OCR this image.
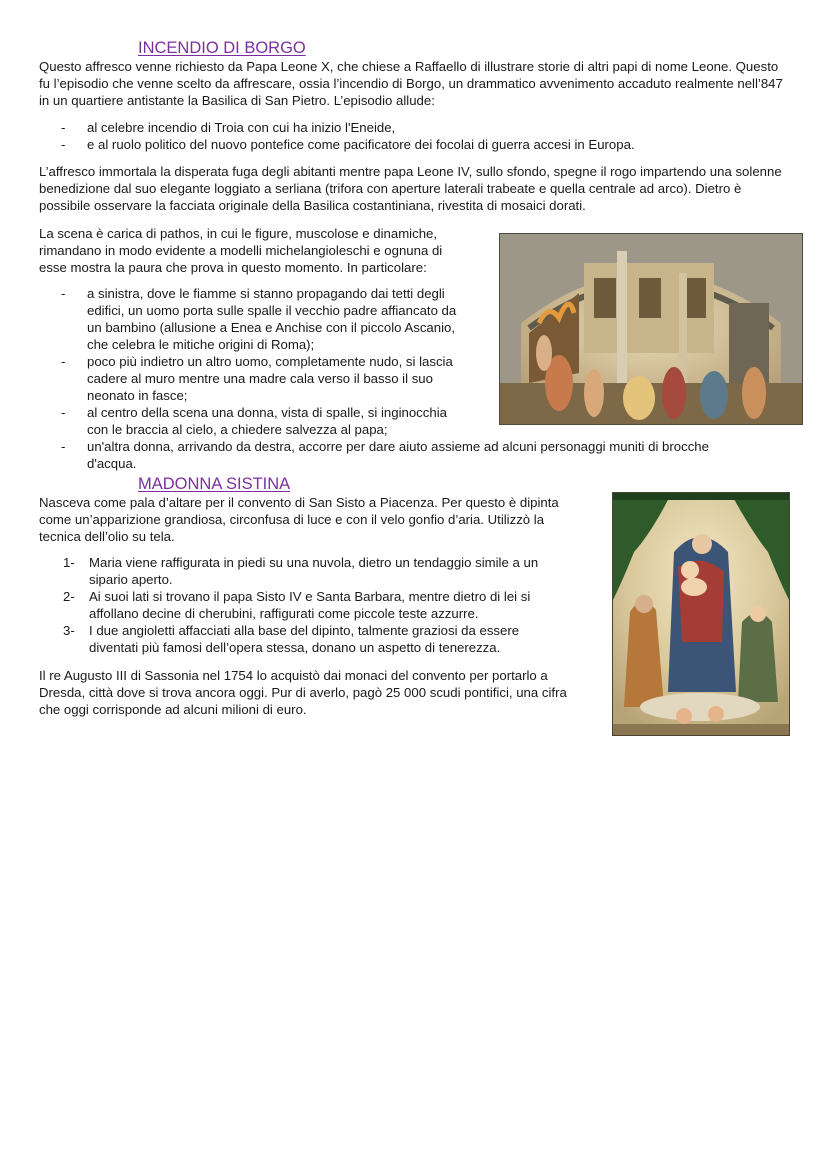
INCENDIO DI BORGO

Questo affresco venne richiesto da Papa Leone X, che chiese a Raffaello di illustrare storie di altri papi di nome Leone. Questo fu l’episodio che venne scelto da affrescare, ossia l’incendio di Borgo, un drammatico avvenimento accaduto realmente nell’847 in un quartiere antistante la Basilica di San Pietro. L’episodio allude:

- al celebre incendio di Troia con cui ha inizio l'Eneide,
- e al ruolo politico del nuovo pontefice come pacificatore dei focolai di guerra accesi in Europa.

L’affresco immortala la disperata fuga degli abitanti mentre papa Leone IV, sullo sfondo, spegne il rogo impartendo una solenne benedizione dal suo elegante loggiato a serliana (trifora con aperture laterali trabeate e quella centrale ad arco). Dietro è possibile osservare la facciata originale della Basilica costantiniana, rivestita di mosaici dorati.

La scena è carica di pathos, in cui le figure, muscolose e dinamiche,
rimandano in modo evidente a modelli michelangioleschi e ognuna di
esse mostra la paura che prova in questo momento. In particolare:

- a sinistra, dove le fiamme si stanno propagando dai tetti degli
edifici, un uomo porta sulle spalle il vecchio padre affiancato da
un bambino (allusione a Enea e Anchise con il piccolo Ascanio,
che celebra le mitiche origini di Roma);
- poco più indietro un altro uomo, completamente nudo, si lascia
cadere al muro mentre una madre cala verso il basso il suo
neonato in fasce;
- al centro della scena una donna, vista di spalle, si inginocchia
con le braccia al cielo, a chiedere salvezza al papa;
- un'altra donna, arrivando da destra, accorre per dare aiuto assieme ad alcuni personaggi muniti di brocche
d'acqua.
MADONNA SISTINA

Nasceva come pala d’altare per il convento di San Sisto a Piacenza. Per questo è dipinta
come un’apparizione grandiosa, circonfusa di luce e con il velo gonfio d’aria. Utilizzò la
tecnica dell’olio su tela.

1- Maria viene raffigurata in piedi su una nuvola, dietro un tendaggio simile a un
sipario aperto.
2- Ai suoi lati si trovano il papa Sisto IV e Santa Barbara, mentre dietro di lei si
affollano decine di cherubini, raffigurati come piccole teste azzurre.
3- I due angioletti affacciati alla base del dipinto, talmente graziosi da essere
diventati più famosi dell’opera stessa, donano un aspetto di tenerezza.

Il re Augusto III di Sassonia nel 1754 lo acquistò dai monaci del convento per portarlo a
Dresda, città dove si trova ancora oggi. Pur di averlo, pagò 25 000 scudi pontifici, una cifra
che oggi corrisponde ad alcuni milioni di euro.
